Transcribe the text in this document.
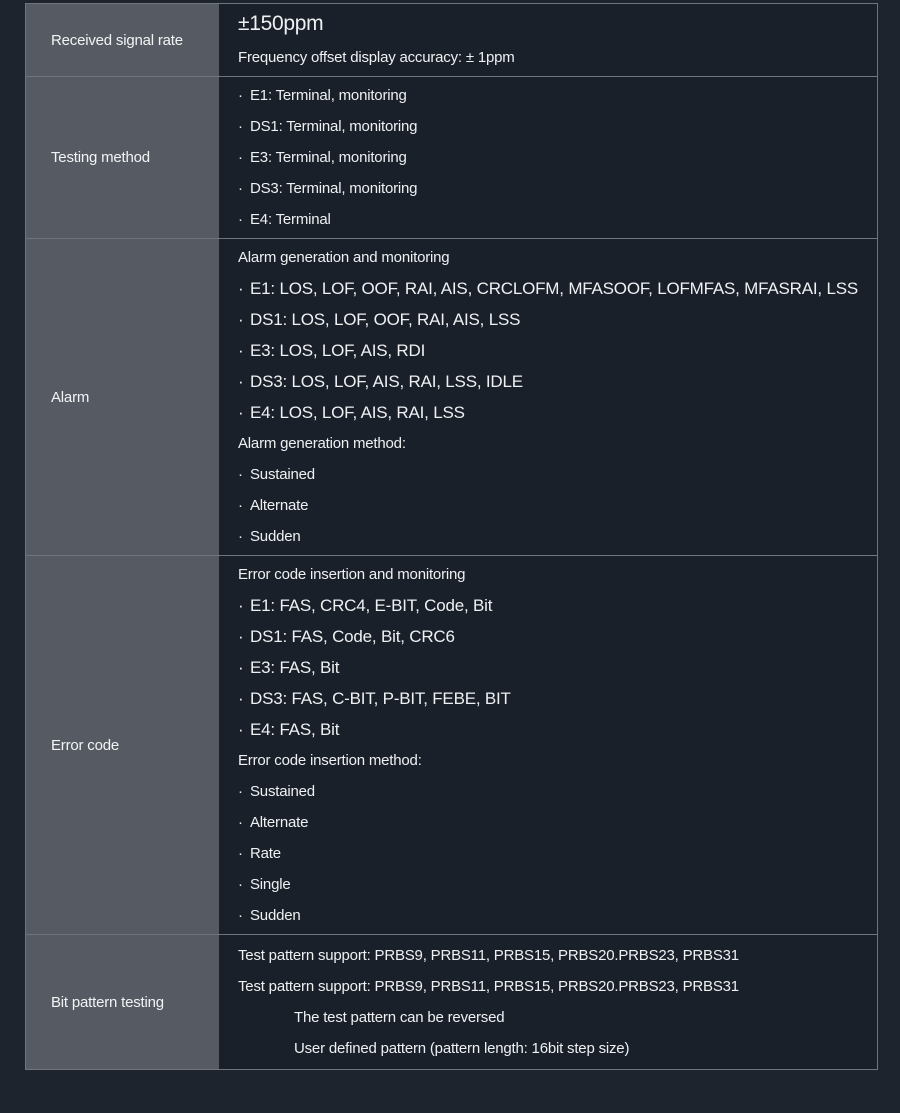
Received signal rate
±150ppm
Frequency offset display accuracy: ± 1ppm
Testing method
· E1: Terminal, monitoring
· DS1: Terminal, monitoring
· E3: Terminal, monitoring
· DS3: Terminal, monitoring
· E4: Terminal
Alarm
Alarm generation and monitoring
· E1: LOS, LOF, OOF, RAI, AIS, CRCLOFM, MFASOOF, LOFMFAS, MFASRAI, LSS
· DS1: LOS, LOF, OOF, RAI, AIS, LSS
· E3: LOS, LOF, AIS, RDI
· DS3: LOS, LOF, AIS, RAI, LSS, IDLE
· E4: LOS, LOF, AIS, RAI, LSS
Alarm generation method:
· Sustained
· Alternate
· Sudden
Error code
Error code insertion and monitoring
· E1: FAS, CRC4, E-BIT, Code, Bit
· DS1: FAS, Code, Bit, CRC6
· E3: FAS, Bit
· DS3: FAS, C-BIT, P-BIT, FEBE, BIT
· E4: FAS, Bit
Error code insertion method:
· Sustained
· Alternate
· Rate
· Single
· Sudden
Bit pattern testing
Test pattern support: PRBS9, PRBS11, PRBS15, PRBS20.PRBS23, PRBS31
Test pattern support: PRBS9, PRBS11, PRBS15, PRBS20.PRBS23, PRBS31
The test pattern can be reversed
User defined pattern (pattern length: 16bit step size)
